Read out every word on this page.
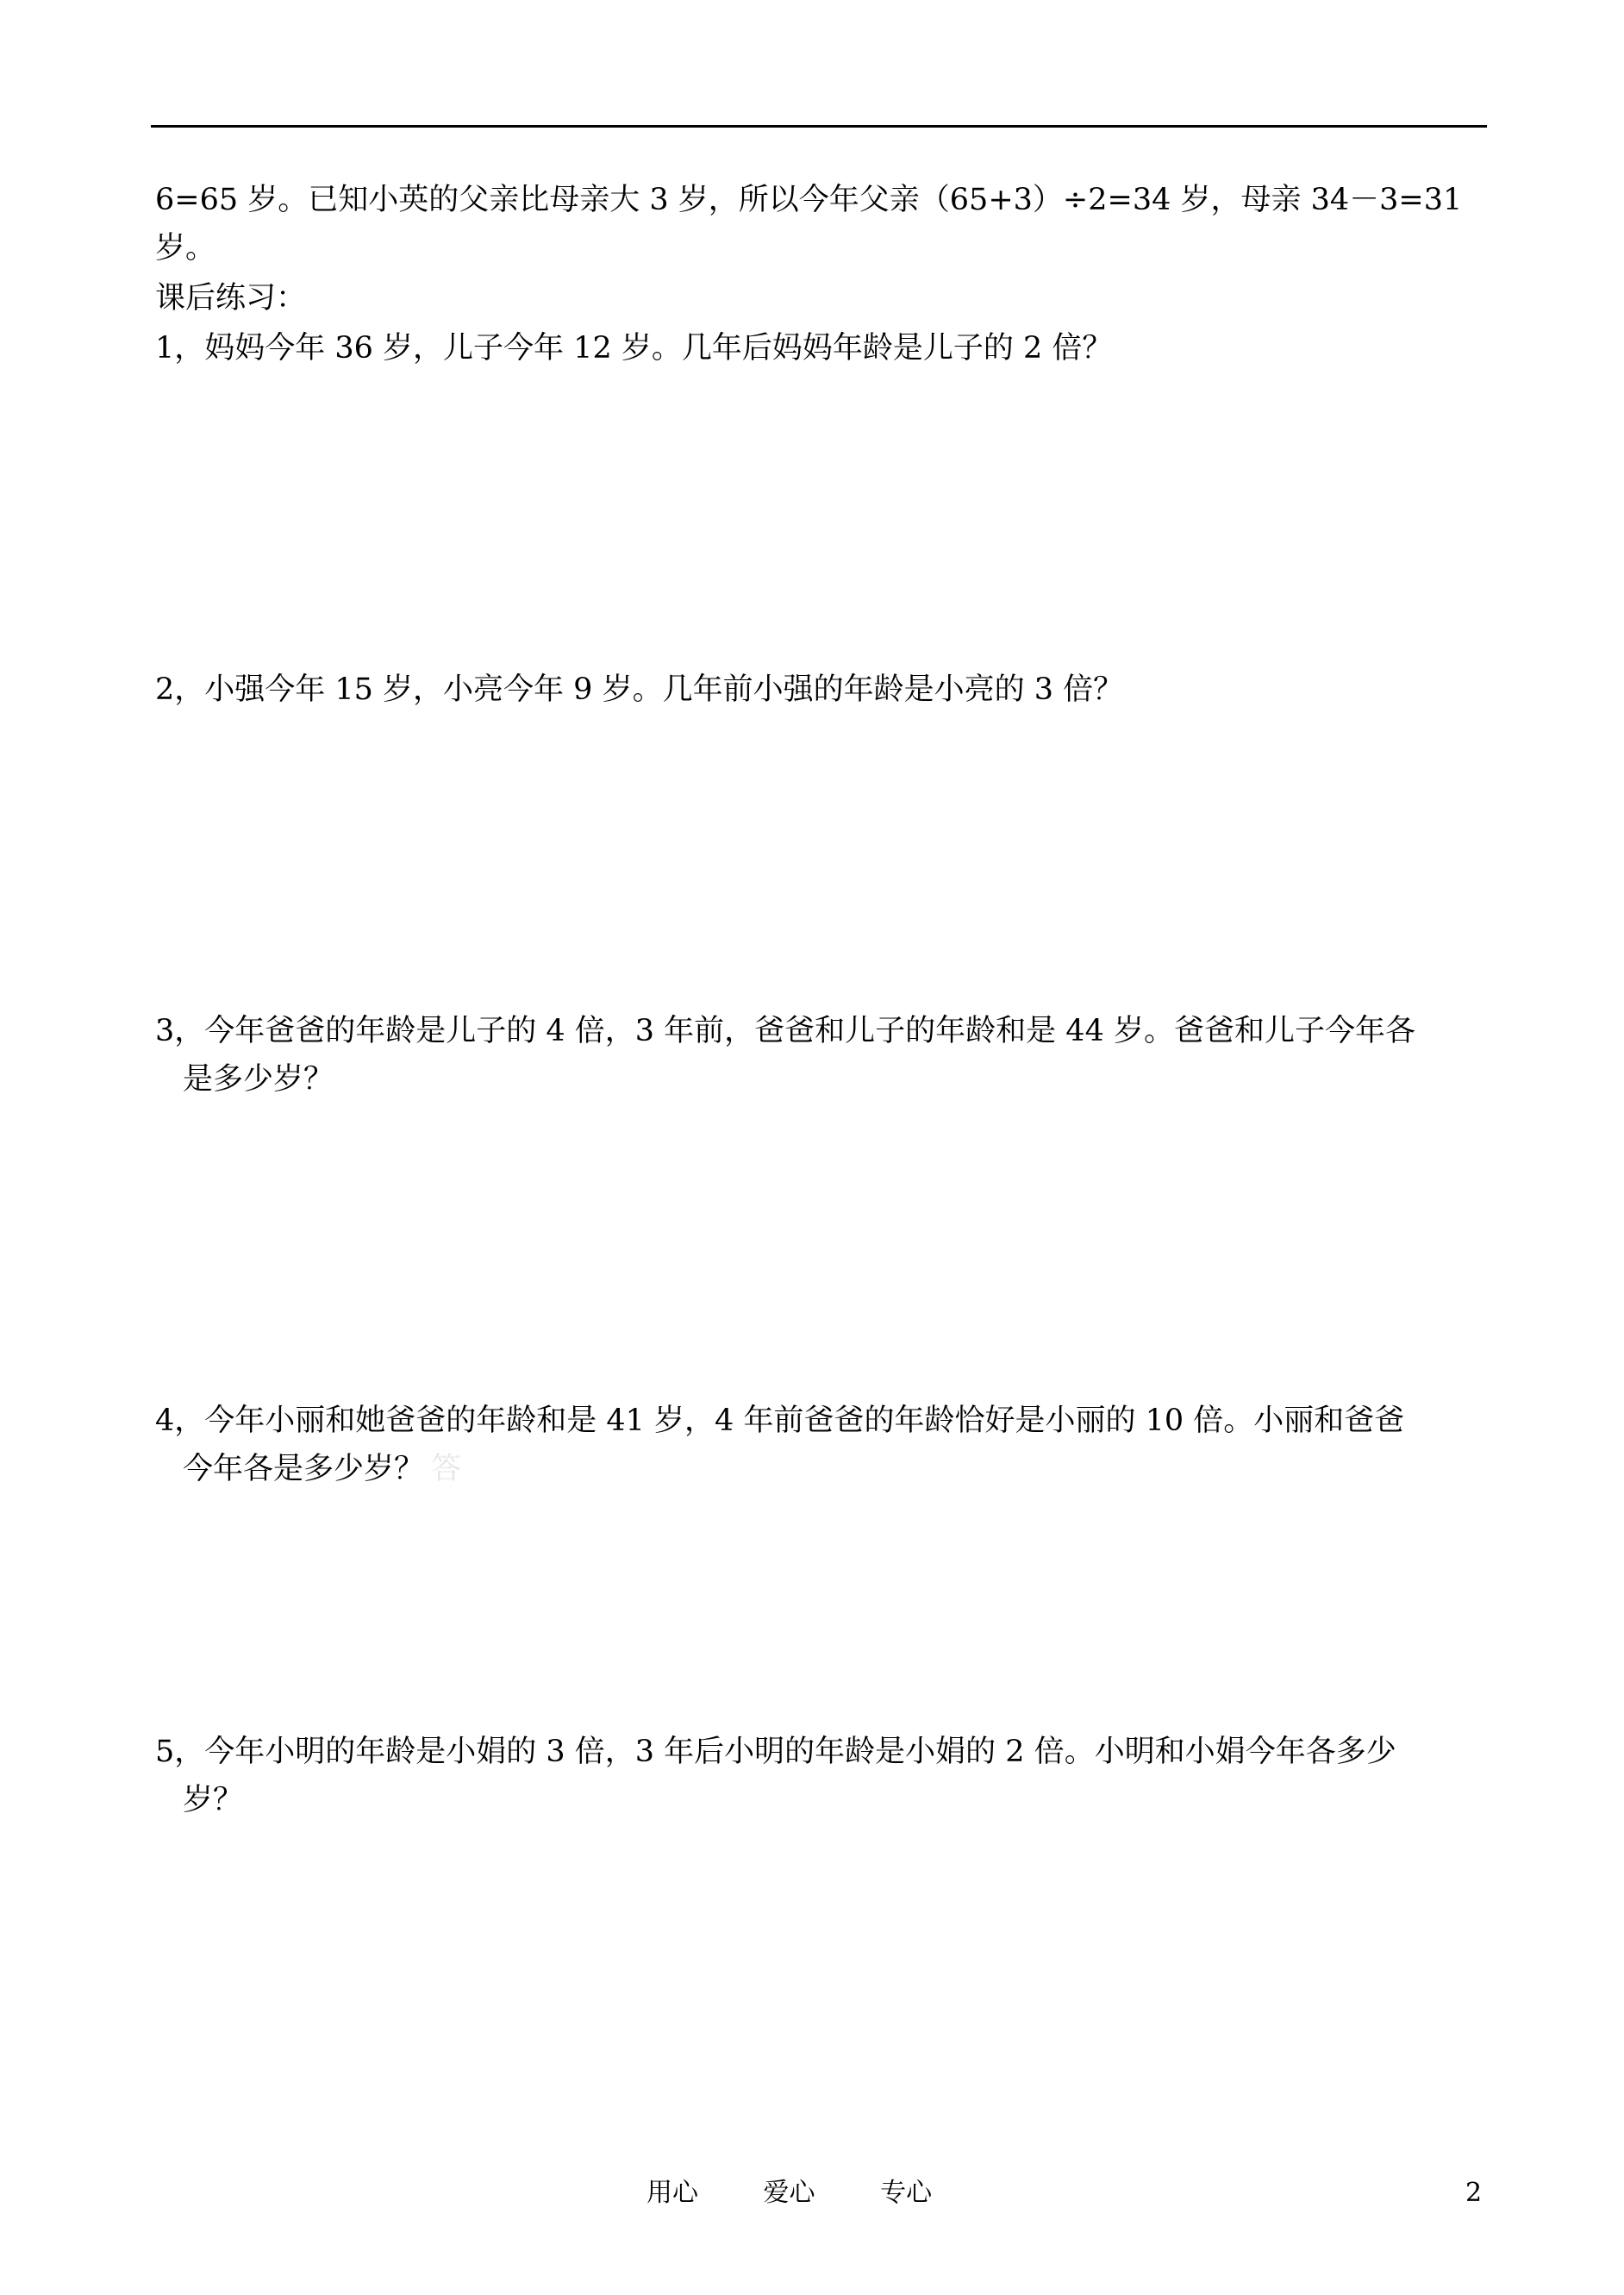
6=65 岁。已知小英的父亲比母亲大 3 岁，所以今年父亲（65+3）÷2=34 岁，母亲 34－3=31
岁。
课后练习：
1，妈妈今年 36 岁，儿子今年 12 岁。几年后妈妈年龄是儿子的 2 倍？
2，小强今年 15 岁，小亮今年 9 岁。几年前小强的年龄是小亮的 3 倍？
3，今年爸爸的年龄是儿子的 4 倍，3 年前，爸爸和儿子的年龄和是 44 岁。爸爸和儿子今年各
是多少岁？
4，今年小丽和她爸爸的年龄和是 41 岁，4 年前爸爸的年龄恰好是小丽的 10 倍。小丽和爸爸
今年各是多少岁？ 答
5，今年小明的年龄是小娟的 3 倍，3 年后小明的年龄是小娟的 2 倍。小明和小娟今年各多少
岁？
用心	爱心	专心	2
